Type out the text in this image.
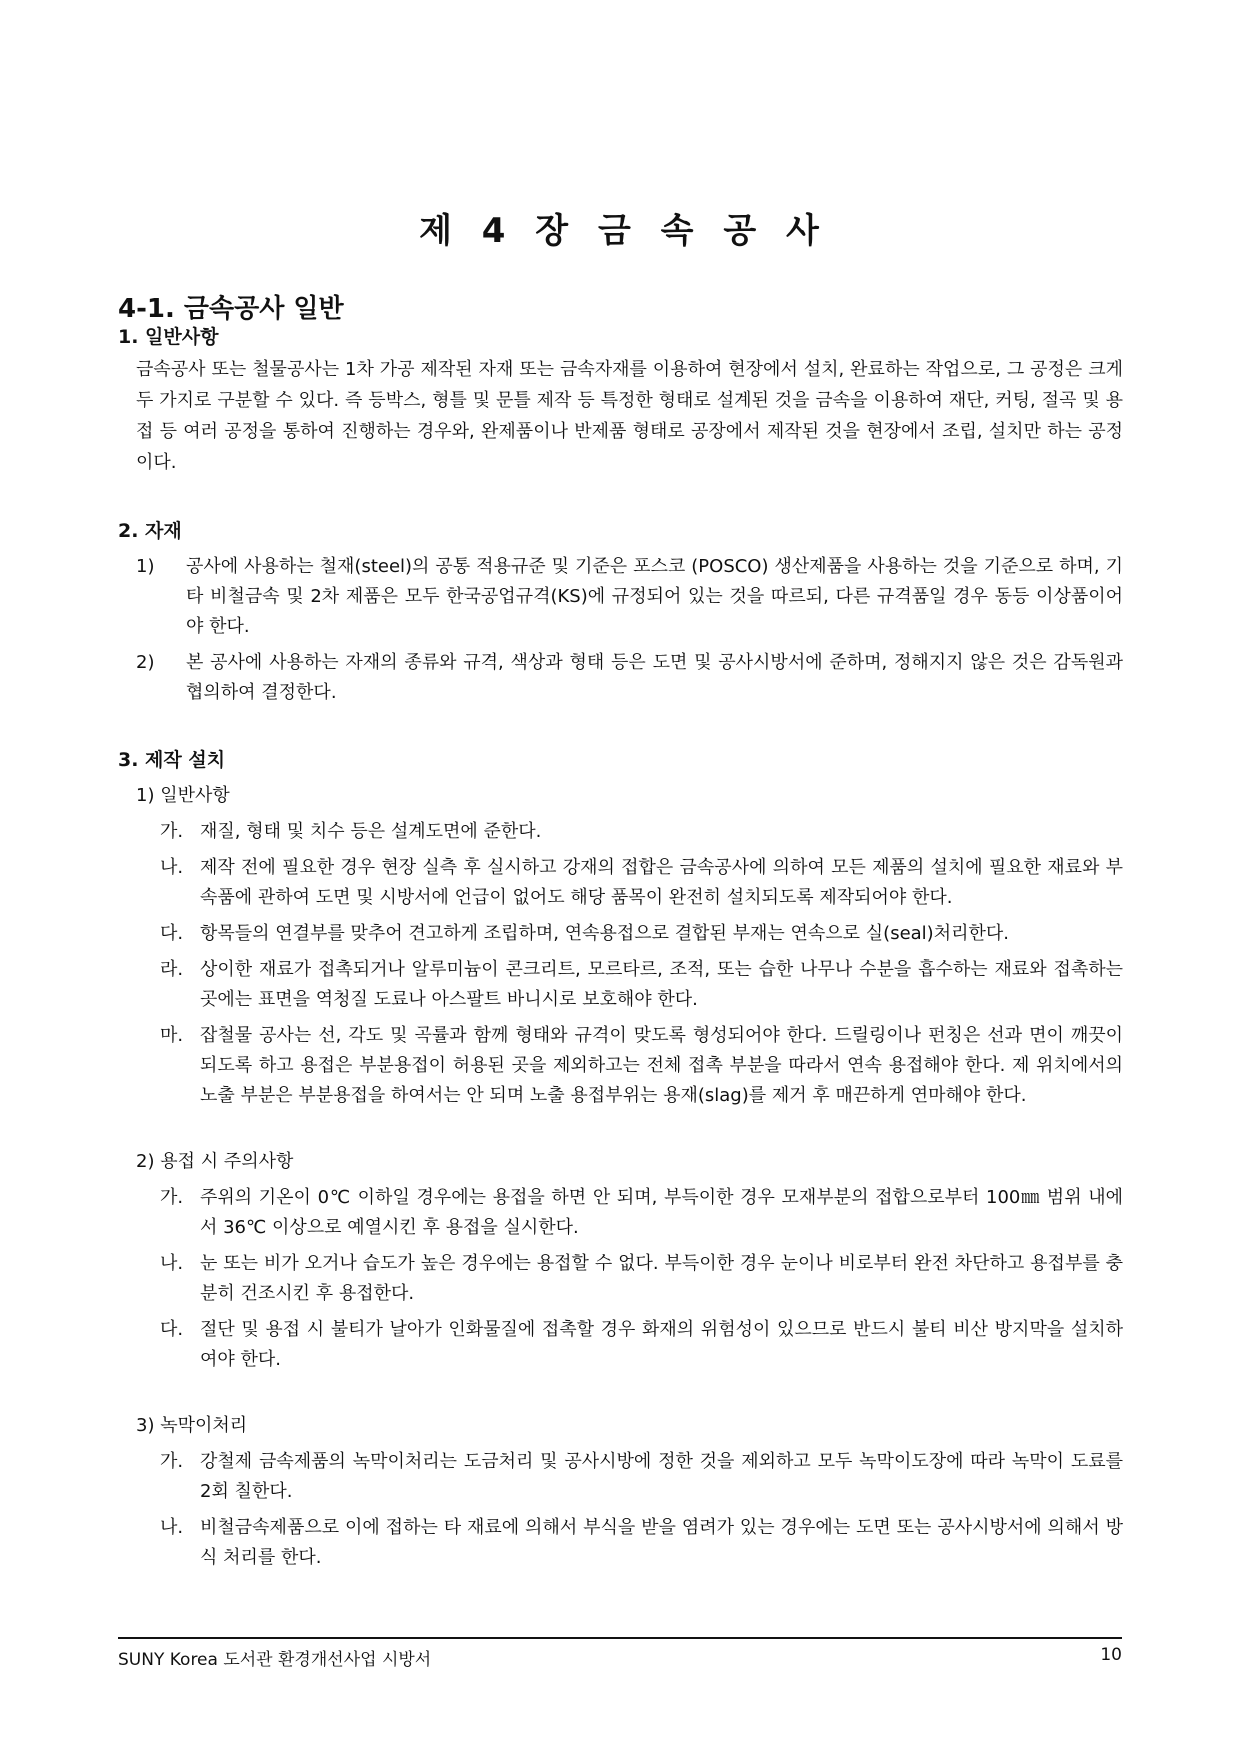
제 4 장 금 속 공 사
4-1. 금속공사 일반
1. 일반사항
금속공사 또는 철물공사는 1차 가공 제작된 자재 또는 금속자재를 이용하여 현장에서 설치, 완료하는 작업으로, 그 공정은 크게 두 가지로 구분할 수 있다. 즉 등박스, 형틀 및 문틀 제작 등 특정한 형태로 설계된 것을 금속을 이용하여 재단, 커팅, 절곡 및 용접 등 여러 공정을 통하여 진행하는 경우와, 완제품이나 반제품 형태로 공장에서 제작된 것을 현장에서 조립, 설치만 하는 공정이다.
2. 자재
1) 공사에 사용하는 철재(steel)의 공통 적용규준 및 기준은 포스코 (POSCO) 생산제품을 사용하는 것을 기준으로 하며, 기타 비철금속 및 2차 제품은 모두 한국공업규격(KS)에 규정되어 있는 것을 따르되, 다른 규격품일 경우 동등 이상품이어야 한다.
2) 본 공사에 사용하는 자재의 종류와 규격, 색상과 형태 등은 도면 및 공사시방서에 준하며, 정해지지 않은 것은 감독원과 협의하여 결정한다.
3. 제작 설치
1) 일반사항
가. 재질, 형태 및 치수 등은 설계도면에 준한다.
나. 제작 전에 필요한 경우 현장 실측 후 실시하고 강재의 접합은 금속공사에 의하여 모든 제품의 설치에 필요한 재료와 부속품에 관하여 도면 및 시방서에 언급이 없어도 해당 품목이 완전히 설치되도록 제작되어야 한다.
다. 항목들의 연결부를 맞추어 견고하게 조립하며, 연속용접으로 결합된 부재는 연속으로 실(seal)처리한다.
라. 상이한 재료가 접촉되거나 알루미늄이 콘크리트, 모르타르, 조적, 또는 습한 나무나 수분을 흡수하는 재료와 접촉하는 곳에는 표면을 역청질 도료나 아스팔트 바니시로 보호해야 한다.
마. 잡철물 공사는 선, 각도 및 곡률과 함께 형태와 규격이 맞도록 형성되어야 한다. 드릴링이나 펀칭은 선과 면이 깨끗이 되도록 하고 용접은 부분용접이 허용된 곳을 제외하고는 전체 접촉 부분을 따라서 연속 용접해야 한다. 제 위치에서의 노출 부분은 부분용접을 하여서는 안 되며 노출 용접부위는 용재(slag)를 제거 후 매끈하게 연마해야 한다.
2) 용접 시 주의사항
가. 주위의 기온이 0℃ 이하일 경우에는 용접을 하면 안 되며, 부득이한 경우 모재부분의 접합으로부터 100㎜ 범위 내에서 36℃ 이상으로 예열시킨 후 용접을 실시한다.
나. 눈 또는 비가 오거나 습도가 높은 경우에는 용접할 수 없다. 부득이한 경우 눈이나 비로부터 완전 차단하고 용접부를 충분히 건조시킨 후 용접한다.
다. 절단 및 용접 시 불티가 날아가 인화물질에 접촉할 경우 화재의 위험성이 있으므로 반드시 불티 비산 방지막을 설치하여야 한다.
3) 녹막이처리
가. 강철제 금속제품의 녹막이처리는 도금처리 및 공사시방에 정한 것을 제외하고 모두 녹막이도장에 따라 녹막이 도료를 2회 칠한다.
나. 비철금속제품으로 이에 접하는 타 재료에 의해서 부식을 받을 염려가 있는 경우에는 도면 또는 공사시방서에 의해서 방식 처리를 한다.
SUNY Korea 도서관 환경개선사업 시방서	10
